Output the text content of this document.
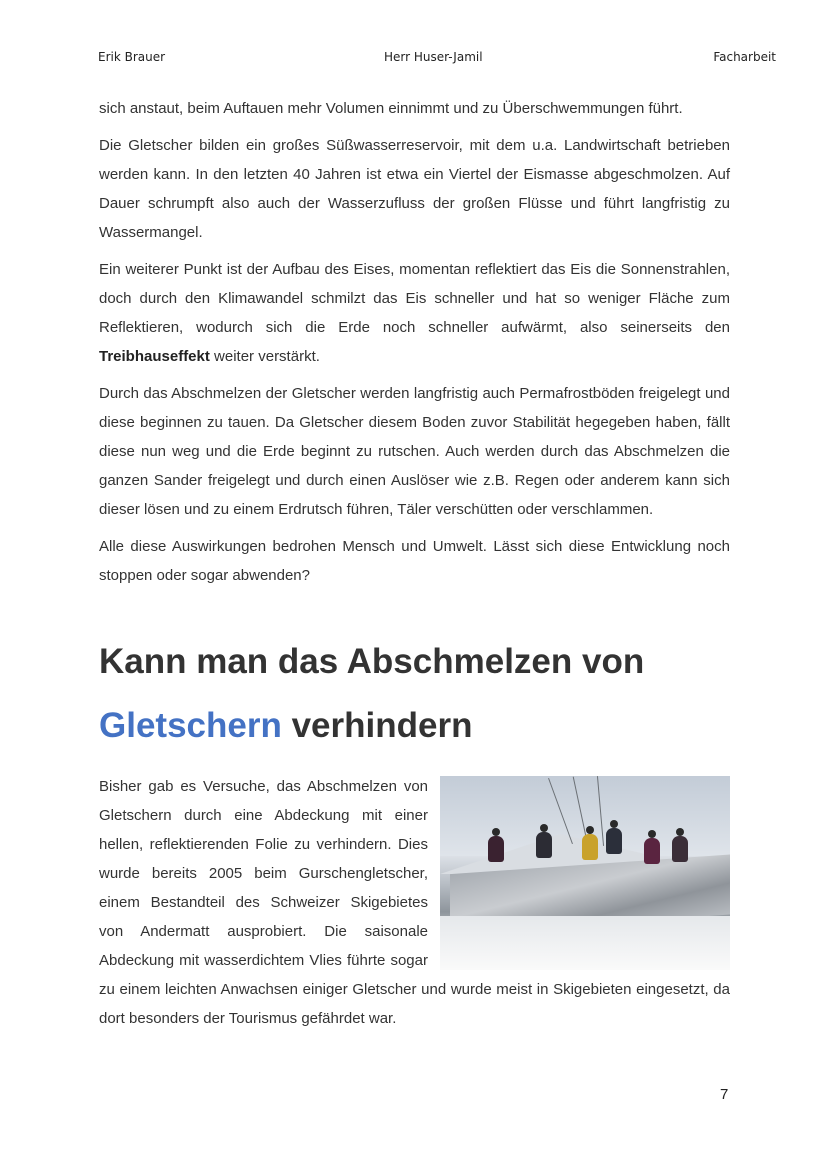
Erik Brauer	Herr Huser-Jamil	Facharbeit

sich anstaut, beim Auftauen mehr Volumen einnimmt und zu Überschwemmungen führt.

Die Gletscher bilden ein großes Süßwasserreservoir, mit dem u.a. Landwirtschaft betrieben werden kann. In den letzten 40 Jahren ist etwa ein Viertel der Eismasse abgeschmolzen. Auf Dauer schrumpft also auch der Wasserzufluss der großen Flüsse und führt langfristig zu Wassermangel.

Ein weiterer Punkt ist der Aufbau des Eises, momentan reflektiert das Eis die Sonnenstrahlen, doch durch den Klimawandel schmilzt das Eis schneller und hat so weniger Fläche zum Reflektieren, wodurch sich die Erde noch schneller aufwärmt, also seinerseits den Treibhauseffekt weiter verstärkt.

Durch das Abschmelzen der Gletscher werden langfristig auch Permafrostböden freigelegt und diese beginnen zu tauen. Da Gletscher diesem Boden zuvor Stabilität hegegeben haben, fällt diese nun weg und die Erde beginnt zu rutschen. Auch werden durch das Abschmelzen die ganzen Sander freigelegt und durch einen Auslöser wie z.B. Regen oder anderem kann sich dieser lösen und zu einem Erdrutsch führen, Täler verschütten oder verschlammen.

Alle diese Auswirkungen bedrohen Mensch und Umwelt. Lässt sich diese Entwicklung noch stoppen oder sogar abwenden?

Kann man das Abschmelzen von
Gletschern verhindern

Bisher gab es Versuche, das Abschmelzen von Gletschern durch eine Abdeckung mit einer hellen, reflektierenden Folie zu verhindern. Dies wurde bereits 2005 beim Gurschengletscher, einem Bestandteil des Schweizer Skigebietes von Andermatt ausprobiert. Die saisonale Abdeckung mit wasserdichtem Vlies führte sogar zu einem leichten Anwachsen einiger Gletscher und wurde meist in Skigebieten eingesetzt, da dort besonders der Tourismus gefährdet war.

7
